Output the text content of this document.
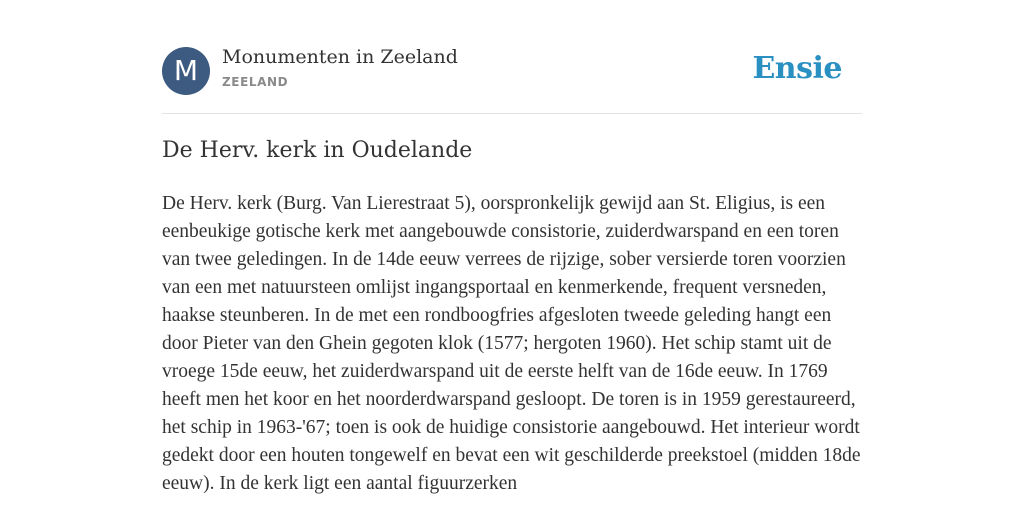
M	Monumenten in Zeeland
ZEELAND	Ensie
De Herv. kerk in Oudelande

De Herv. kerk (Burg. Van Lierestraat 5), oorspronkelijk gewijd aan St. Eligius, is een eenbeukige gotische kerk met aangebouwde consistorie, zuiderdwarspand en een toren van twee geledingen. In de 14de eeuw verrees de rijzige, sober versierde toren voorzien van een met natuursteen omlijst ingangsportaal en kenmerkende, frequent versneden, haakse steunberen. In de met een rondboogfries afgesloten tweede geleding hangt een door Pieter van den Ghein gegoten klok (1577; hergoten 1960). Het schip stamt uit de vroege 15de eeuw, het zuiderdwarspand uit de eerste helft van de 16de eeuw. In 1769 heeft men het koor en het noorderdwarspand gesloopt. De toren is in 1959 gerestaureerd, het schip in 1963-'67; toen is ook de huidige consistorie aangebouwd. Het interieur wordt gedekt door een houten tongewelf en bevat een wit geschilderde preekstoel (midden 18de eeuw). In de kerk ligt een aantal figuurzerken
